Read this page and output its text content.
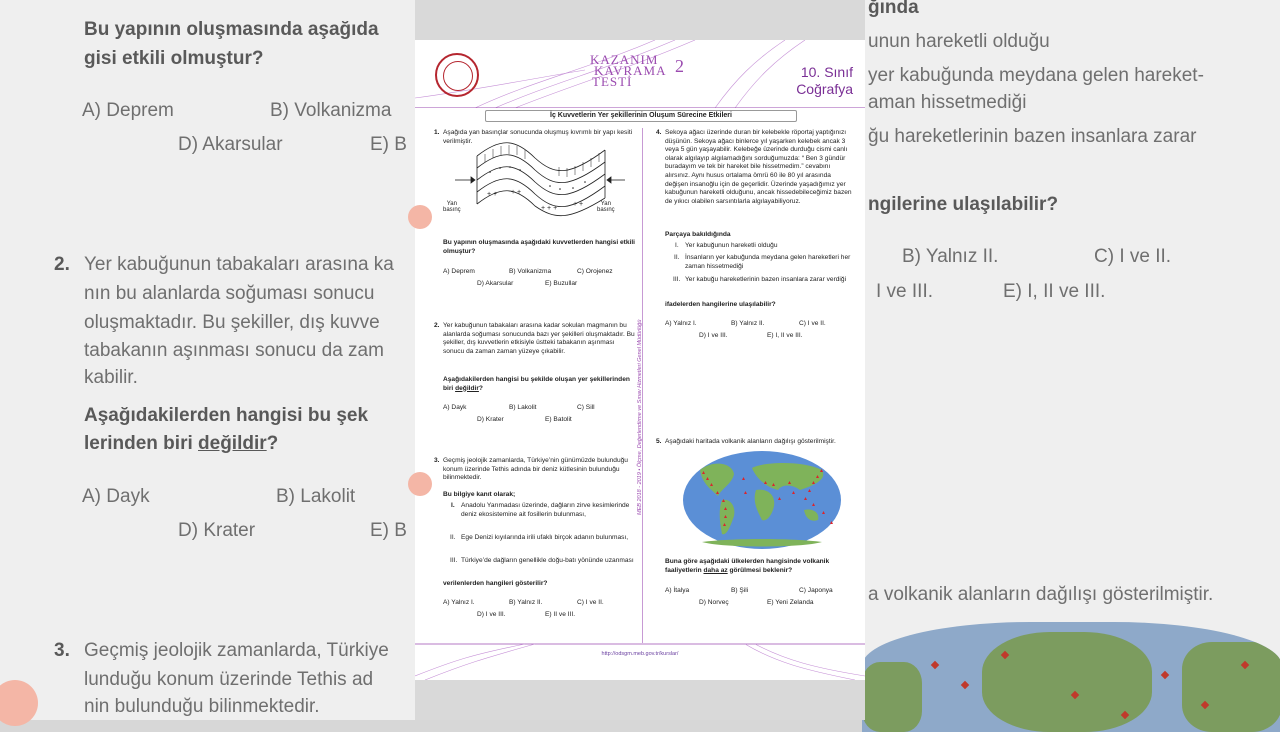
Bu yapının oluşmasında aşağıda
gisi etkili olmuştur?
A) Deprem	B) Volkanizma
D) Akarsular	E) B
2. Yer kabuğunun tabakaları arasına ka
nın bu alanlarda soğuması sonucu
oluşmaktadır. Bu şekiller, dış kuvve
tabakanın aşınması sonucu da zam
kabilir.
Aşağıdakilerden hangisi bu şek
lerinden biri değildir?
A) Dayk	B) Lakolit
D) Krater	E) B
3. Geçmiş jeolojik zamanlarda, Türkiye
lunduğu konum üzerinde Tethis ad
nin bulunduğu bilinmektedir.
ğında
unun hareketli olduğu
yer kabuğunda meydana gelen hareket-
aman hissetmediği
ğu hareketlerinin bazen insanlara zarar
ngilerine ulaşılabilir?
B) Yalnız II.	C) I ve II.
I ve III.	E) I, II ve III.
a volkanik alanların dağılışı gösterilmiştir.
KAZANIM
KAVRAMA
TESTİ
2	10. Sınıf
Coğrafya
İç Kuvvetlerin Yer şekillerinin Oluşum Sürecine Etkileri
MEB 2018 - 2019 • Ölçme, Değerlendirme ve Sınav Hizmetleri Genel Müdürlüğü
1. Aşağıda yan basınçlar sonucunda oluşmuş kıvrımlı bir yapı kesiti verilmiştir.
+ + + +
+ + +
+ +
Yan
basınç
Yan
basınç
Bu yapının oluşmasında aşağıdaki kuvvetlerden hangisi etkili olmuştur?
A) Deprem	B) Volkanizma	C) Orojenez
D) Akarsular	E) Buzullar
2. Yer kabuğunun tabakaları arasına kadar sokulan magmanın bu alanlarda soğuması sonucunda bazı yer şekilleri oluşmaktadır. Bu şekiller, dış kuvvetlerin etkisiyle üstteki tabakanın aşınması sonucu da zaman zaman yüzeye çıkabilir.
Aşağıdakilerden hangisi bu şekilde oluşan yer şekillerinden biri değildir?
A) Dayk	B) Lakolit	C) Sill
D) Krater	E) Batolit
3. Geçmiş jeolojik zamanlarda, Türkiye’nin günümüzde bulunduğu konum üzerinde Tethis adında bir deniz kütlesinin bulunduğu bilinmektedir.
Bu bilgiye kanıt olarak;
I. Anadolu Yarımadası üzerinde, dağların zirve kesimlerinde deniz ekosistemine ait fosillerin bulunması,
II. Ege Denizi kıyılarında irili ufaklı birçok adanın bulunması,
III. Türkiye’de dağların genellikle doğu-batı yönünde uzanması
verilenlerden hangileri gösterilir?
A) Yalnız I.	B) Yalnız II.	C) I ve II.
D) I ve III.	E) II ve III.
4. Sekoya ağacı üzerinde duran bir kelebekle röportaj yaptığınızı düşünün. Sekoya ağacı binlerce yıl yaşarken kelebek ancak 3 veya 5 gün yaşayabilir. Kelebeğe üzerinde durduğu cismi canlı olarak algılayıp algılamadığını sorduğumuzda: “ Ben 3 gündür buradayım ve tek bir hareket bile hissetmedim.” cevabını alırsınız. Aynı husus ortalama ömrü 60 ile 80 yıl arasında değişen insanoğlu için de geçerlidir. Üzerinde yaşadığımız yer kabuğunun hareketli olduğunu, ancak hissedebileceğimiz bazen de yıkıcı olabilen sarsıntılarla algılayabiliyoruz.
Parçaya bakıldığında
I. Yer kabuğunun hareketli olduğu
II. İnsanların yer kabuğunda meydana gelen hareketleri her zaman hissetmediği
III. Yer kabuğu hareketlerinin bazen insanlara zarar verdiği
ifadelerden hangilerine ulaşılabilir?
A) Yalnız I.	B) Yalnız II.	C) I ve II.
D) I ve III.	E) I, II ve III.
5. Aşağıdaki haritada volkanik alanların dağılışı gösterilmiştir.
Buna göre aşağıdaki ülkelerden hangisinde volkanik faaliyetlerin daha az görülmesi beklenir?
A) İtalya	B) Şili	C) Japonya
D) Norveç	E) Yeni Zelanda
http://odsgm.meb.gov.tr/kurslar/
